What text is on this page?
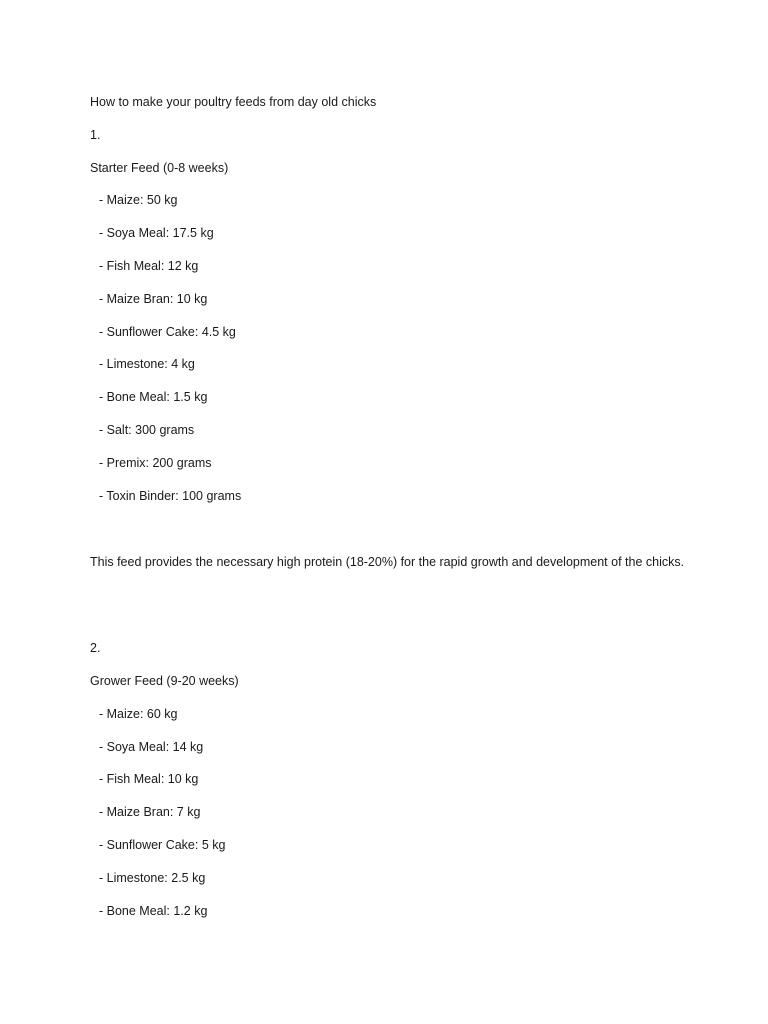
How to make your poultry feeds from day old chicks
1.
Starter Feed (0-8 weeks)
- Maize: 50 kg
- Soya Meal: 17.5 kg
- Fish Meal: 12 kg
- Maize Bran: 10 kg
- Sunflower Cake: 4.5 kg
- Limestone: 4 kg
- Bone Meal: 1.5 kg
- Salt: 300 grams
- Premix: 200 grams
- Toxin Binder: 100 grams
This feed provides the necessary high protein (18-20%) for the rapid growth and development of the chicks.
2.
Grower Feed (9-20 weeks)
- Maize: 60 kg
- Soya Meal: 14 kg
- Fish Meal: 10 kg
- Maize Bran: 7 kg
- Sunflower Cake: 5 kg
- Limestone: 2.5 kg
- Bone Meal: 1.2 kg
